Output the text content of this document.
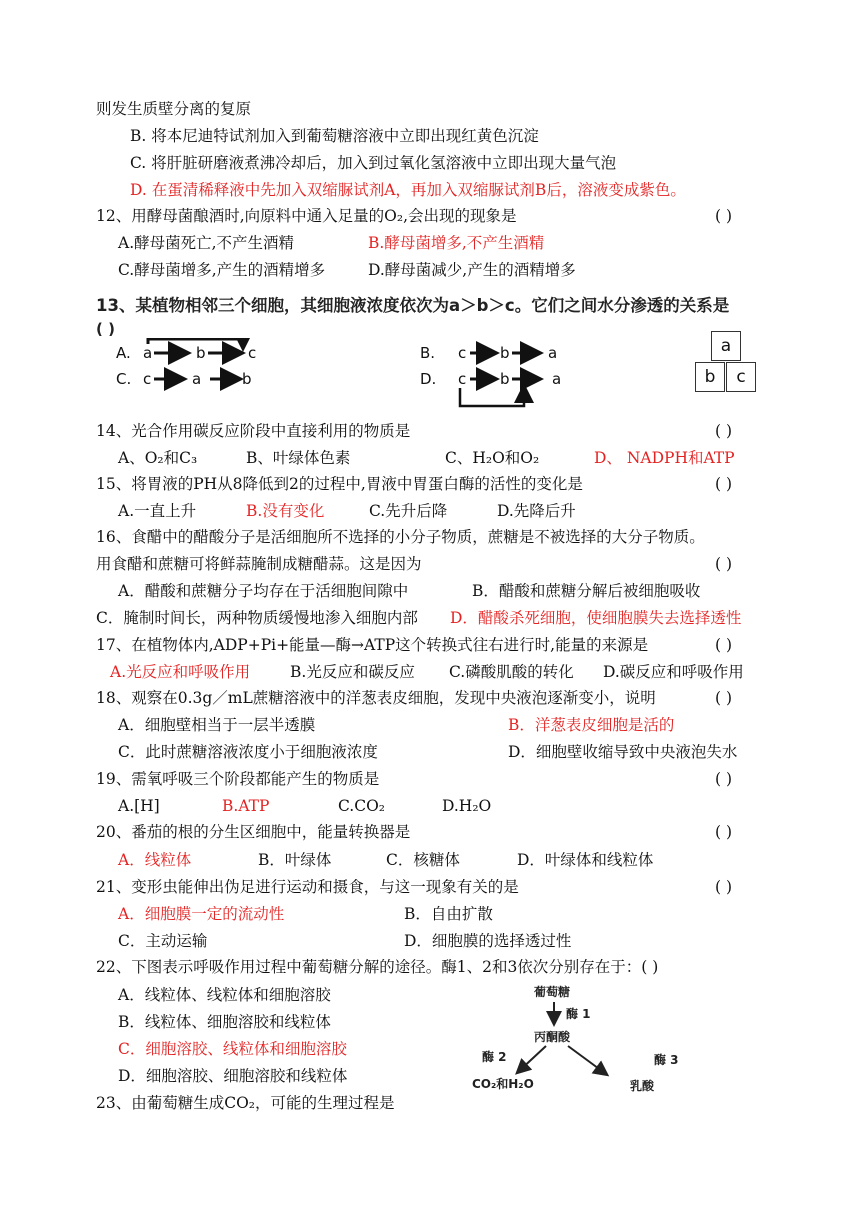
则发生质壁分离的复原
B. 将本尼迪特试剂加入到葡萄糖溶液中立即出现红黄色沉淀
C. 将肝脏研磨液煮沸冷却后，加入到过氧化氢溶液中立即出现大量气泡
D. 在蛋清稀释液中先加入双缩脲试剂A，再加入双缩脲试剂B后，溶液变成紫色。
12、用酵母菌酿酒时,向原料中通入足量的O₂,会出现的现象是	( )
A.酵母菌死亡,不产生酒精	B.酵母菌增多,不产生酒精
C.酵母菌增多,产生的酒精增多	D.酵母菌减少,产生的酒精增多
13、某植物相邻三个细胞，其细胞液浓度依次为a＞b＞c。它们之间水分渗透的关系是
( )
A. a	b	c
C. c	a	b
B. c b	a
D. c b	a
a
b	c
14、光合作用碳反应阶段中直接利用的物质是	( )
A、O₂和C₃	B、叶绿体色素	C、H₂O和O₂	D、 NADPH和ATP
15、将胃液的PH从8降低到2的过程中,胃液中胃蛋白酶的活性的变化是	( )
A.一直上升	B.没有变化	C.先升后降	D.先降后升
16、食醋中的醋酸分子是活细胞所不选择的小分子物质，蔗糖是不被选择的大分子物质。
用食醋和蔗糖可将鲜蒜腌制成糖醋蒜。这是因为	( )
A．醋酸和蔗糖分子均存在于活细胞间隙中	B．醋酸和蔗糖分解后被细胞吸收
C．腌制时间长，两种物质缓慢地渗入细胞内部 D．醋酸杀死细胞，使细胞膜失去选择透性
17、在植物体内,ADP+Pi+能量—酶→ATP这个转换式往右进行时,能量的来源是	( )
A.光反应和呼吸作用	B.光反应和碳反应 C.磷酸肌酸的转化 D.碳反应和呼吸作用
18、观察在0.3g／mL蔗糖溶液中的洋葱表皮细胞，发现中央液泡逐渐变小，说明	( )
A．细胞壁相当于一层半透膜	B．洋葱表皮细胞是活的
C．此时蔗糖溶液浓度小于细胞液浓度	D．细胞壁收缩导致中央液泡失水
19、需氧呼吸三个阶段都能产生的物质是	( )
A.[H]	B.ATP	C.CO₂	D.H₂O
20、番茄的根的分生区细胞中，能量转换器是	( )
A．线粒体	B．叶绿体	C．核糖体	D．叶绿体和线粒体
21、变形虫能伸出伪足进行运动和摄食，与这一现象有关的是	( )
A．细胞膜一定的流动性	B．自由扩散
C．主动运输	D．细胞膜的选择透过性
22、下图表示呼吸作用过程中葡萄糖分解的途径。酶1、2和3依次分别存在于：( )
A．线粒体、线粒体和细胞溶胶
B．线粒体、细胞溶胶和线粒体
C．细胞溶胶、线粒体和细胞溶胶
D．细胞溶胶、细胞溶胶和线粒体
葡萄糖
酶 1
丙酮酸
酶 2	酶 3
CO₂和H₂O	乳酸
23、由葡萄糖生成CO₂，可能的生理过程是
